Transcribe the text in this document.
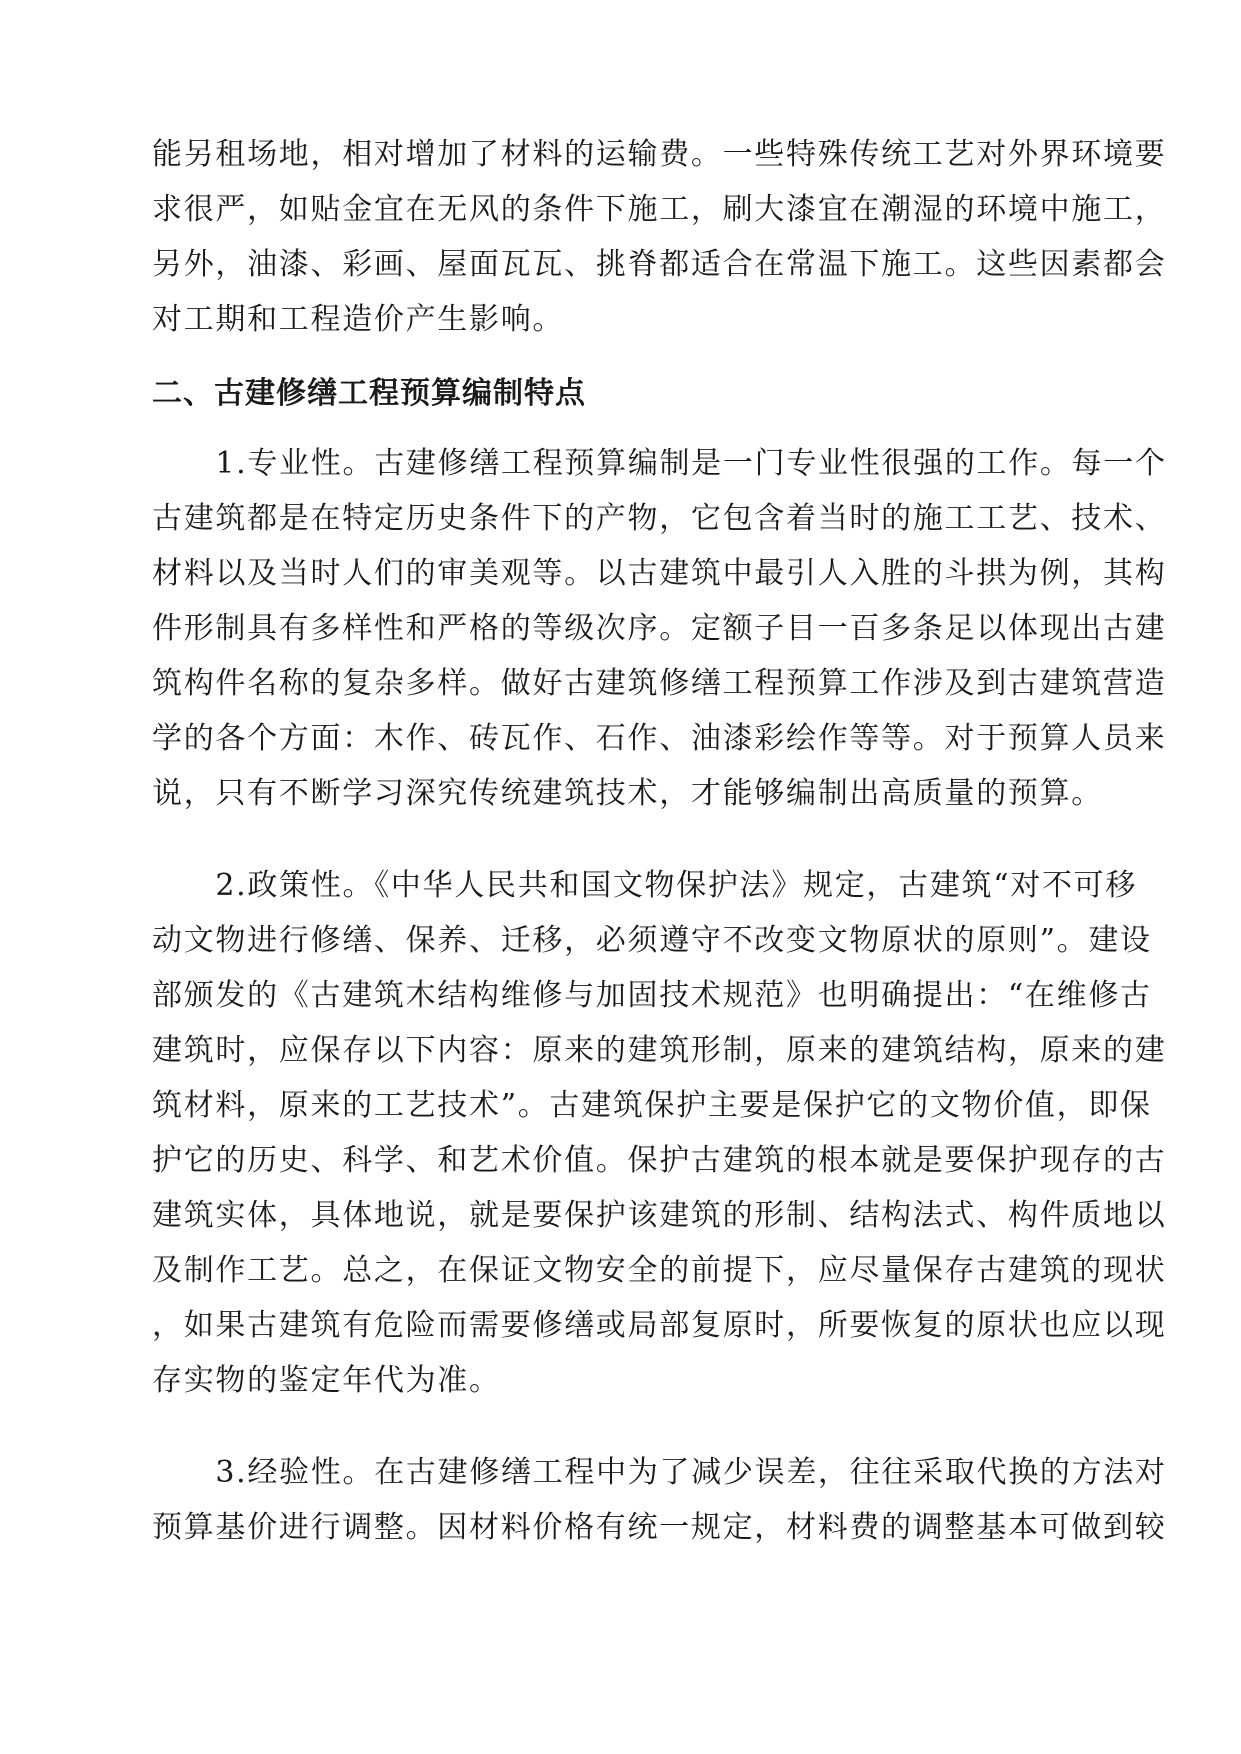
能另租场地，相对增加了材料的运输费。一些特殊传统工艺对外界环境要
求很严，如贴金宜在无风的条件下施工，刷大漆宜在潮湿的环境中施工，
另外，油漆、彩画、屋面瓦瓦、挑脊都适合在常温下施工。这些因素都会
对工期和工程造价产生影响。
二、古建修缮工程预算编制特点
　　1.专业性。古建修缮工程预算编制是一门专业性很强的工作。每一个
古建筑都是在特定历史条件下的产物，它包含着当时的施工工艺、技术、
材料以及当时人们的审美观等。以古建筑中最引人入胜的斗拱为例，其构
件形制具有多样性和严格的等级次序。定额子目一百多条足以体现出古建
筑构件名称的复杂多样。做好古建筑修缮工程预算工作涉及到古建筑营造
学的各个方面：木作、砖瓦作、石作、油漆彩绘作等等。对于预算人员来
说，只有不断学习深究传统建筑技术，才能够编制出高质量的预算。
　　2.政策性。《中华人民共和国文物保护法》规定，古建筑“对不可移
动文物进行修缮、保养、迁移，必须遵守不改变文物原状的原则”。建设
部颁发的《古建筑木结构维修与加固技术规范》也明确提出：“在维修古
建筑时，应保存以下内容：原来的建筑形制，原来的建筑结构，原来的建
筑材料，原来的工艺技术”。古建筑保护主要是保护它的文物价值，即保
护它的历史、科学、和艺术价值。保护古建筑的根本就是要保护现存的古
建筑实体，具体地说，就是要保护该建筑的形制、结构法式、构件质地以
及制作工艺。总之，在保证文物安全的前提下，应尽量保存古建筑的现状
，如果古建筑有危险而需要修缮或局部复原时，所要恢复的原状也应以现
存实物的鉴定年代为准。
　　3.经验性。在古建修缮工程中为了减少误差，往往采取代换的方法对
预算基价进行调整。因材料价格有统一规定，材料费的调整基本可做到较
